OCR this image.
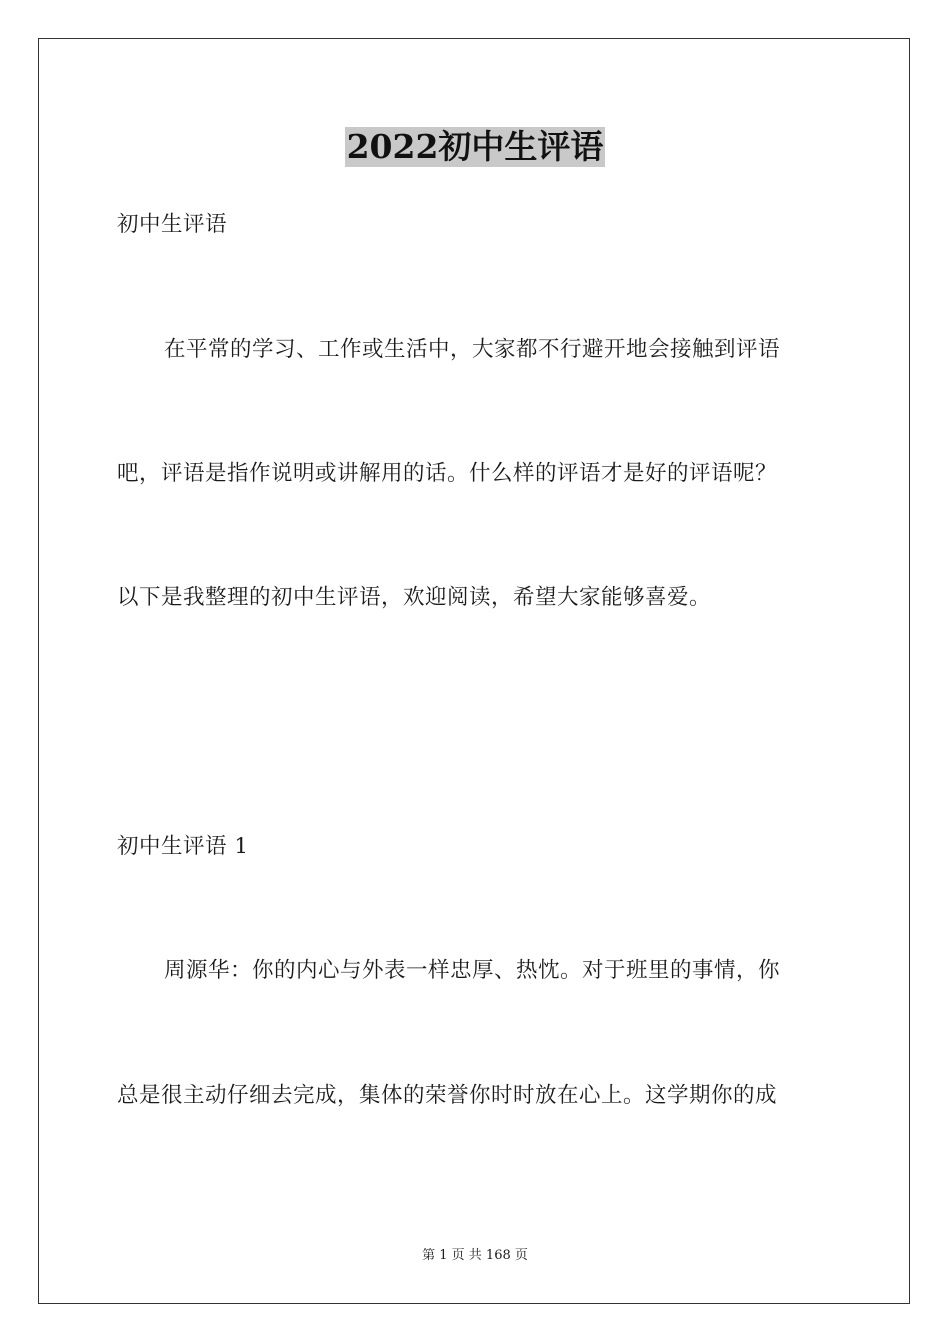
2022初中生评语
初中生评语
在平常的学习、工作或生活中，大家都不行避开地会接触到评语
吧，评语是指作说明或讲解用的话。什么样的评语才是好的评语呢？
以下是我整理的初中生评语，欢迎阅读，希望大家能够喜爱。
初中生评语 1
周源华：你的内心与外表一样忠厚、热忱。对于班里的事情，你
总是很主动仔细去完成，集体的荣誉你时时放在心上。这学期你的成
第 1 页 共 168 页
